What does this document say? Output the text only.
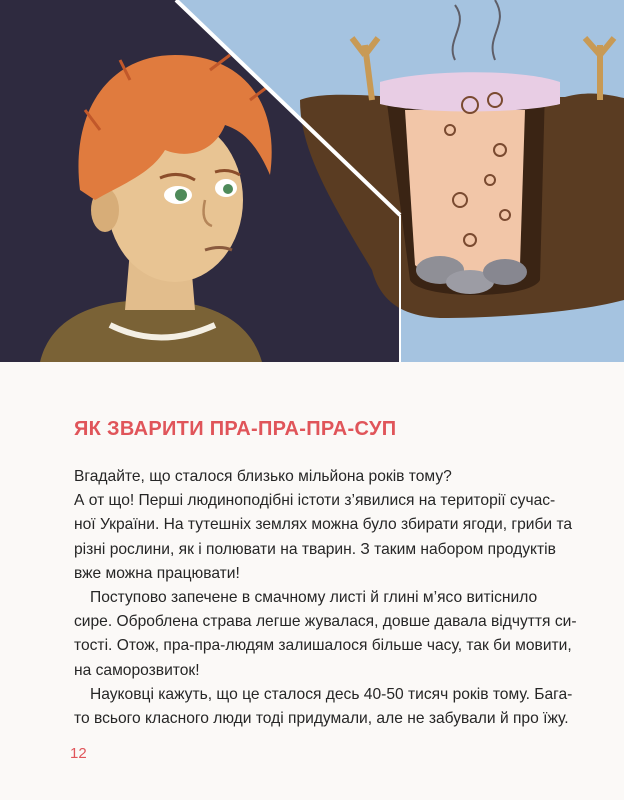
ЯК ЗВАРИТИ ПРА-ПРА-ПРА-СУП
Вгадайте, що сталося близько мільйона років тому?
А от що! Перші людиноподібні істоти з’явилися на території сучас-
ної України. На тутешніх землях можна було збирати ягоди, гриби та
різні рослини, як і полювати на тварин. З таким набором продуктів
вже можна працювати!
Поступово запечене в смачному листі й глині м’ясо витіснило
сире. Оброблена страва легше жувалася, довше давала відчуття си-
тості. Отож, пра-пра-людям залишалося більше часу, так би мовити,
на саморозвиток!
Науковці кажуть, що це сталося десь 40-50 тисяч років тому. Бага-
то всього класного люди тоді придумали, але не забували й про їжу.
12
